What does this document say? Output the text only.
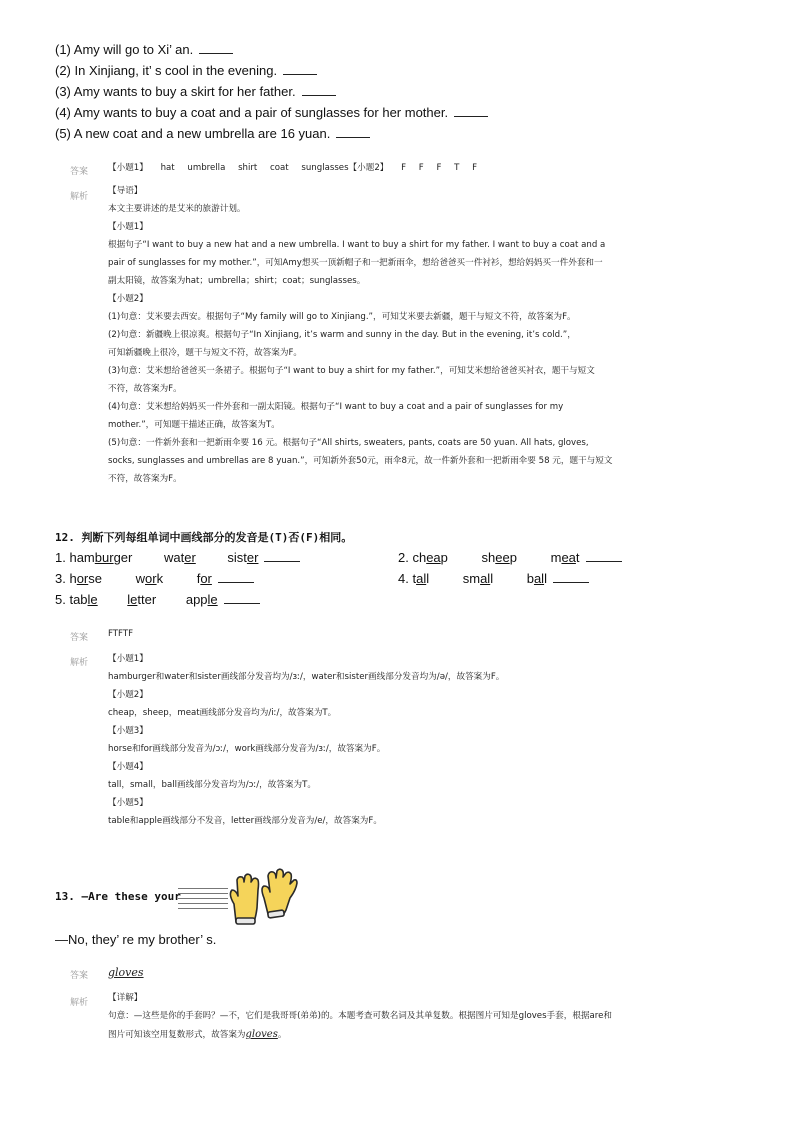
(1) Amy will go to Xi’ an.
(2) In Xinjiang, it’ s cool in the evening.
(3) Amy wants to buy a skirt for her father.
(4) Amy wants to buy a coat and a pair of sunglasses for her mother.
(5) A new coat and a new umbrella are 16 yuan.
答案 【小题1】 hat umbrella shirt coat sunglasses【小题2】 F F F T F
解析
【导语】
本文主要讲述的是艾米的旅游计划。
【小题1】
根据句子“I want to buy a new hat and a new umbrella. I want to buy a shirt for my father. I want to buy a coat and a
pair of sunglasses for my mother.”，可知Amy想买一顶新帽子和一把新雨伞，想给爸爸买一件衬衫，想给妈妈买一件外套和一
副太阳镜，故答案为hat；umbrella；shirt；coat；sunglasses。
【小题2】
(1)句意：艾米要去西安。根据句子“My family will go to Xinjiang.”，可知艾米要去新疆，题干与短文不符，故答案为F。
(2)句意：新疆晚上很凉爽。根据句子“In Xinjiang, it’s warm and sunny in the day. But in the evening, it’s cold.”，
可知新疆晚上很冷，题干与短文不符，故答案为F。
(3)句意：艾米想给爸爸买一条裙子。根据句子“I want to buy a shirt for my father.”，可知艾米想给爸爸买衬衣，题干与短文
不符，故答案为F。
(4)句意：艾米想给妈妈买一件外套和一副太阳镜。根据句子“I want to buy a coat and a pair of sunglasses for my
mother.”，可知题干描述正确，故答案为T。
(5)句意：一件新外套和一把新雨伞要 16 元。根据句子“All shirts, sweaters, pants, coats are 50 yuan. All hats, gloves,
socks, sunglasses and umbrellas are 8 yuan.”，可知新外套50元，雨伞8元，故一件新外套和一把新雨伞要 58 元，题干与短文
不符，故答案为F。
12. 判断下列每组单词中画线部分的发音是(T)否(F)相同。
1. hamburger water sister	2. cheap	sheep	meat
3. horse	work	for	4. tall	small	ball
5. table letter apple
答案 FTFTF
解析 【小题1】
hamburger和water和sister画线部分发音均为/ɜː/，water和sister画线部分发音均为/ə/，故答案为F。
【小题2】
cheap，sheep，meat画线部分发音均为/iː/，故答案为T。
【小题3】
horse和for画线部分发音为/ɔː/，work画线部分发音为/ɜː/，故答案为F。
【小题4】
tall，small，ball画线部分发音均为/ɔː/，故答案为T。
【小题5】
table和apple画线部分不发音，letter画线部分发音为/e/，故答案为F。
13. —Are these your
—No, they’ re my brother’ s.
答案 gloves
解析 【详解】
句意：—这些是你的手套吗？—不，它们是我哥哥(弟弟)的。本题考查可数名词及其单复数。根据图片可知是gloves手套，根据are和
图片可知该空用复数形式，故答案为gloves。
